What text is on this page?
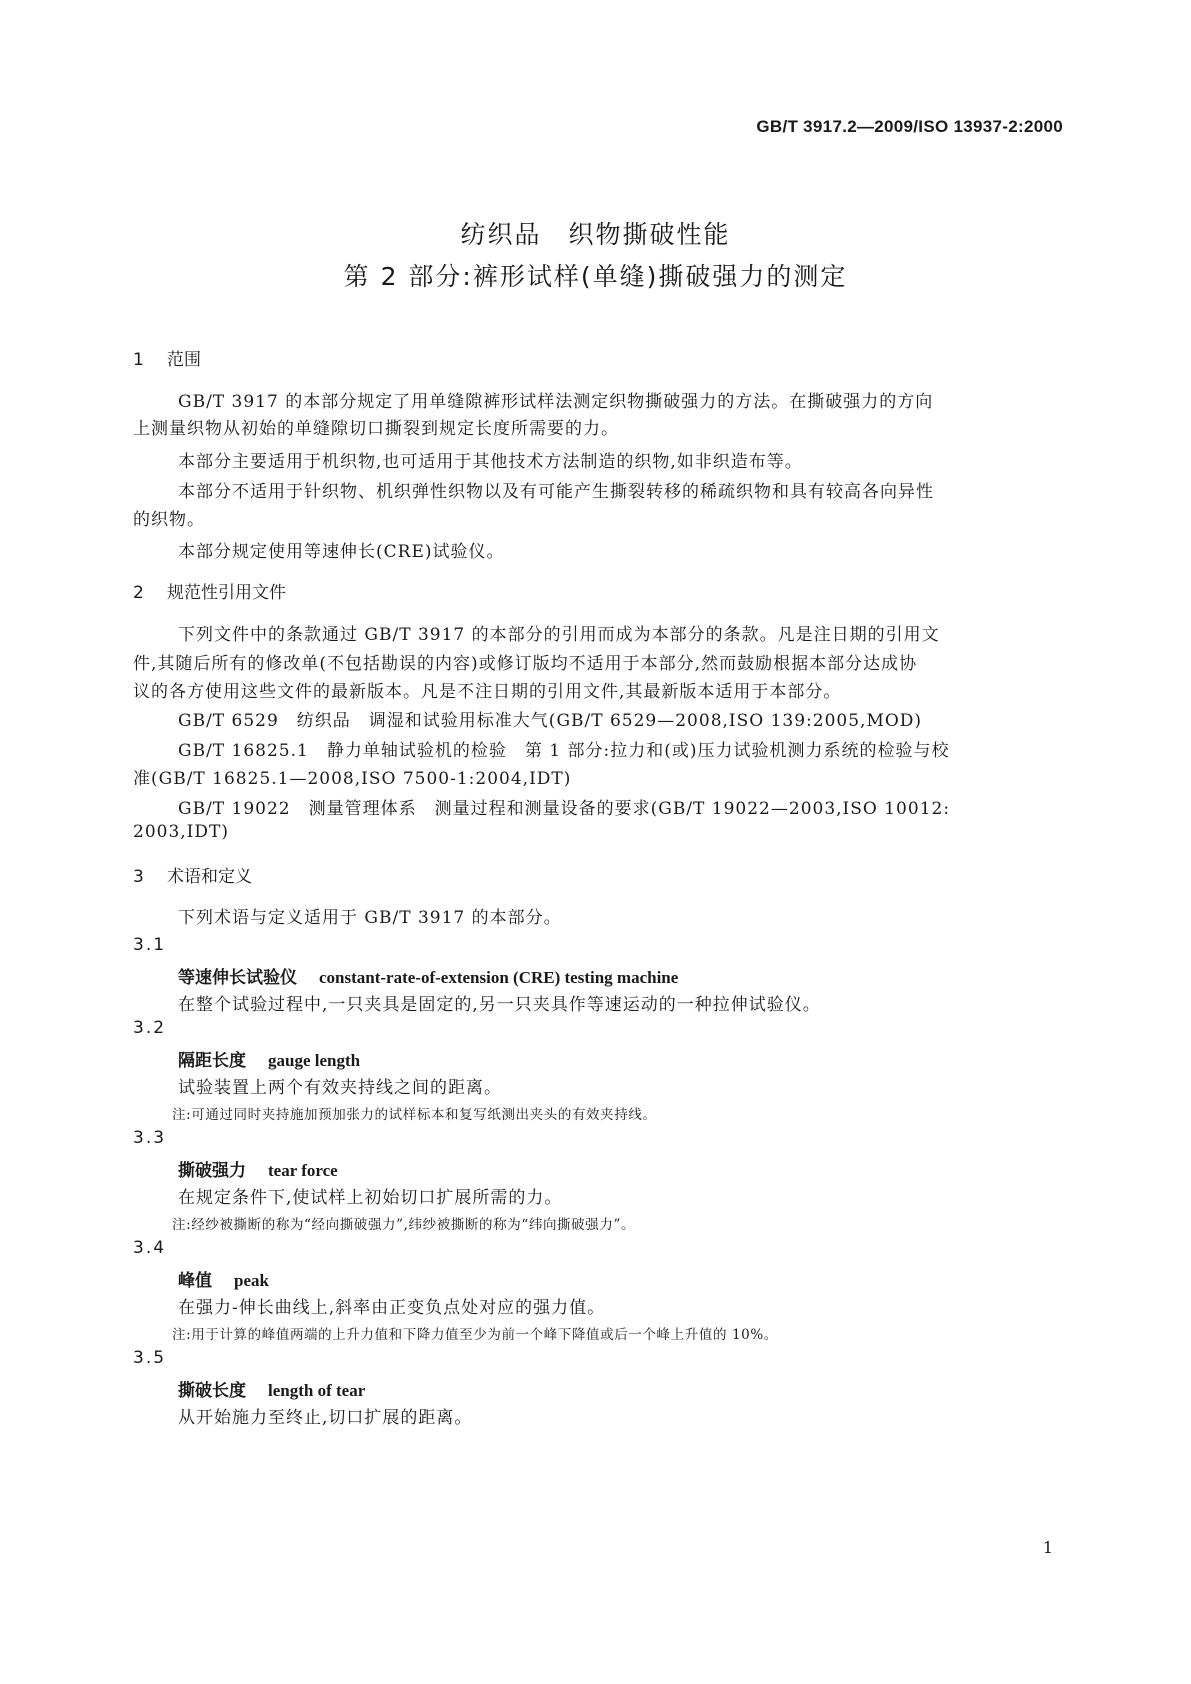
GB/T 3917.2—2009/ISO 13937-2:2000
纺织品　织物撕破性能
第 2 部分:裤形试样(单缝)撕破强力的测定
1 范围
GB/T 3917 的本部分规定了用单缝隙裤形试样法测定织物撕破强力的方法。在撕破强力的方向
上测量织物从初始的单缝隙切口撕裂到规定长度所需要的力。
本部分主要适用于机织物,也可适用于其他技术方法制造的织物,如非织造布等。
本部分不适用于针织物、机织弹性织物以及有可能产生撕裂转移的稀疏织物和具有较高各向异性
的织物。
本部分规定使用等速伸长(CRE)试验仪。
2 规范性引用文件
下列文件中的条款通过 GB/T 3917 的本部分的引用而成为本部分的条款。凡是注日期的引用文
件,其随后所有的修改单(不包括勘误的内容)或修订版均不适用于本部分,然而鼓励根据本部分达成协
议的各方使用这些文件的最新版本。凡是不注日期的引用文件,其最新版本适用于本部分。
GB/T 6529　纺织品　调湿和试验用标准大气(GB/T 6529—2008,ISO 139:2005,MOD)
GB/T 16825.1　静力单轴试验机的检验　第 1 部分:拉力和(或)压力试验机测力系统的检验与校
准(GB/T 16825.1—2008,ISO 7500-1:2004,IDT)
GB/T 19022　测量管理体系　测量过程和测量设备的要求(GB/T 19022—2003,ISO 10012:
2003,IDT)
3 术语和定义
下列术语与定义适用于 GB/T 3917 的本部分。
3.1
等速伸长试验仪 constant-rate-of-extension (CRE) testing machine
在整个试验过程中,一只夹具是固定的,另一只夹具作等速运动的一种拉伸试验仪。
3.2
隔距长度 gauge length
试验装置上两个有效夹持线之间的距离。
注:可通过同时夹持施加预加张力的试样标本和复写纸测出夹头的有效夹持线。
3.3
撕破强力 tear force
在规定条件下,使试样上初始切口扩展所需的力。
注:经纱被撕断的称为“经向撕破强力”,纬纱被撕断的称为“纬向撕破强力”。
3.4
峰值 peak
在强力-伸长曲线上,斜率由正变负点处对应的强力值。
注:用于计算的峰值两端的上升力值和下降力值至少为前一个峰下降值或后一个峰上升值的 10%。
3.5
撕破长度 length of tear
从开始施力至终止,切口扩展的距离。
1
